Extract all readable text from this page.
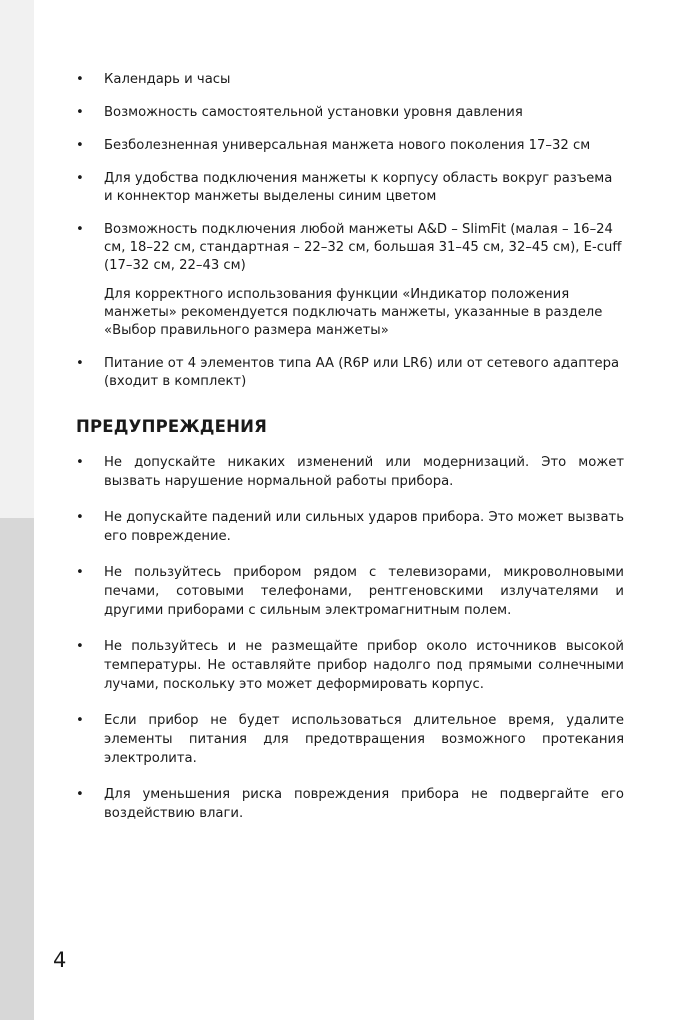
•	Календарь и часы

•	Возможность самостоятельной установки уровня давления

•	Безболезненная универсальная манжета нового поколения 17–32 см

•	Для удобства подключения манжеты к корпусу область вокруг разъема и коннектор манжеты выделены синим цветом

•	Возможность подключения любой манжеты A&D – SlimFit (малая – 16–24 см, 18–22 см, стандартная – 22–32 см, большая 31–45 см, 32–45 см), E-cuff (17–32 см, 22–43 см)

Для корректного использования функции «Индикатор положения манжеты» рекомендуется подключать манжеты, указанные в разделе «Выбор правильного размера манжеты»

•	Питание от 4 элементов типа AA (R6P или LR6) или от сетевого адаптера (входит в комплект)

ПРЕДУПРЕЖДЕНИЯ
•	Не допускайте никаких изменений или модернизаций. Это может вызвать нарушение нормальной работы прибора.
•	Не допускайте падений или сильных ударов прибора. Это может вызвать его повреждение.
•	Не пользуйтесь прибором рядом с телевизорами, микроволновыми печами, сотовыми телефонами, рентгеновскими излучателями и другими приборами с сильным электромагнитным полем.
•	Не пользуйтесь и не размещайте прибор около источников высокой температуры. Не оставляйте прибор надолго под прямыми солнечными лучами, поскольку это может деформировать корпус.
•	Если прибор не будет использоваться длительное время, удалите элементы питания для предотвращения возможного протекания электролита.
•	Для уменьшения риска повреждения прибора не подвергайте его воздействию влаги.
4
